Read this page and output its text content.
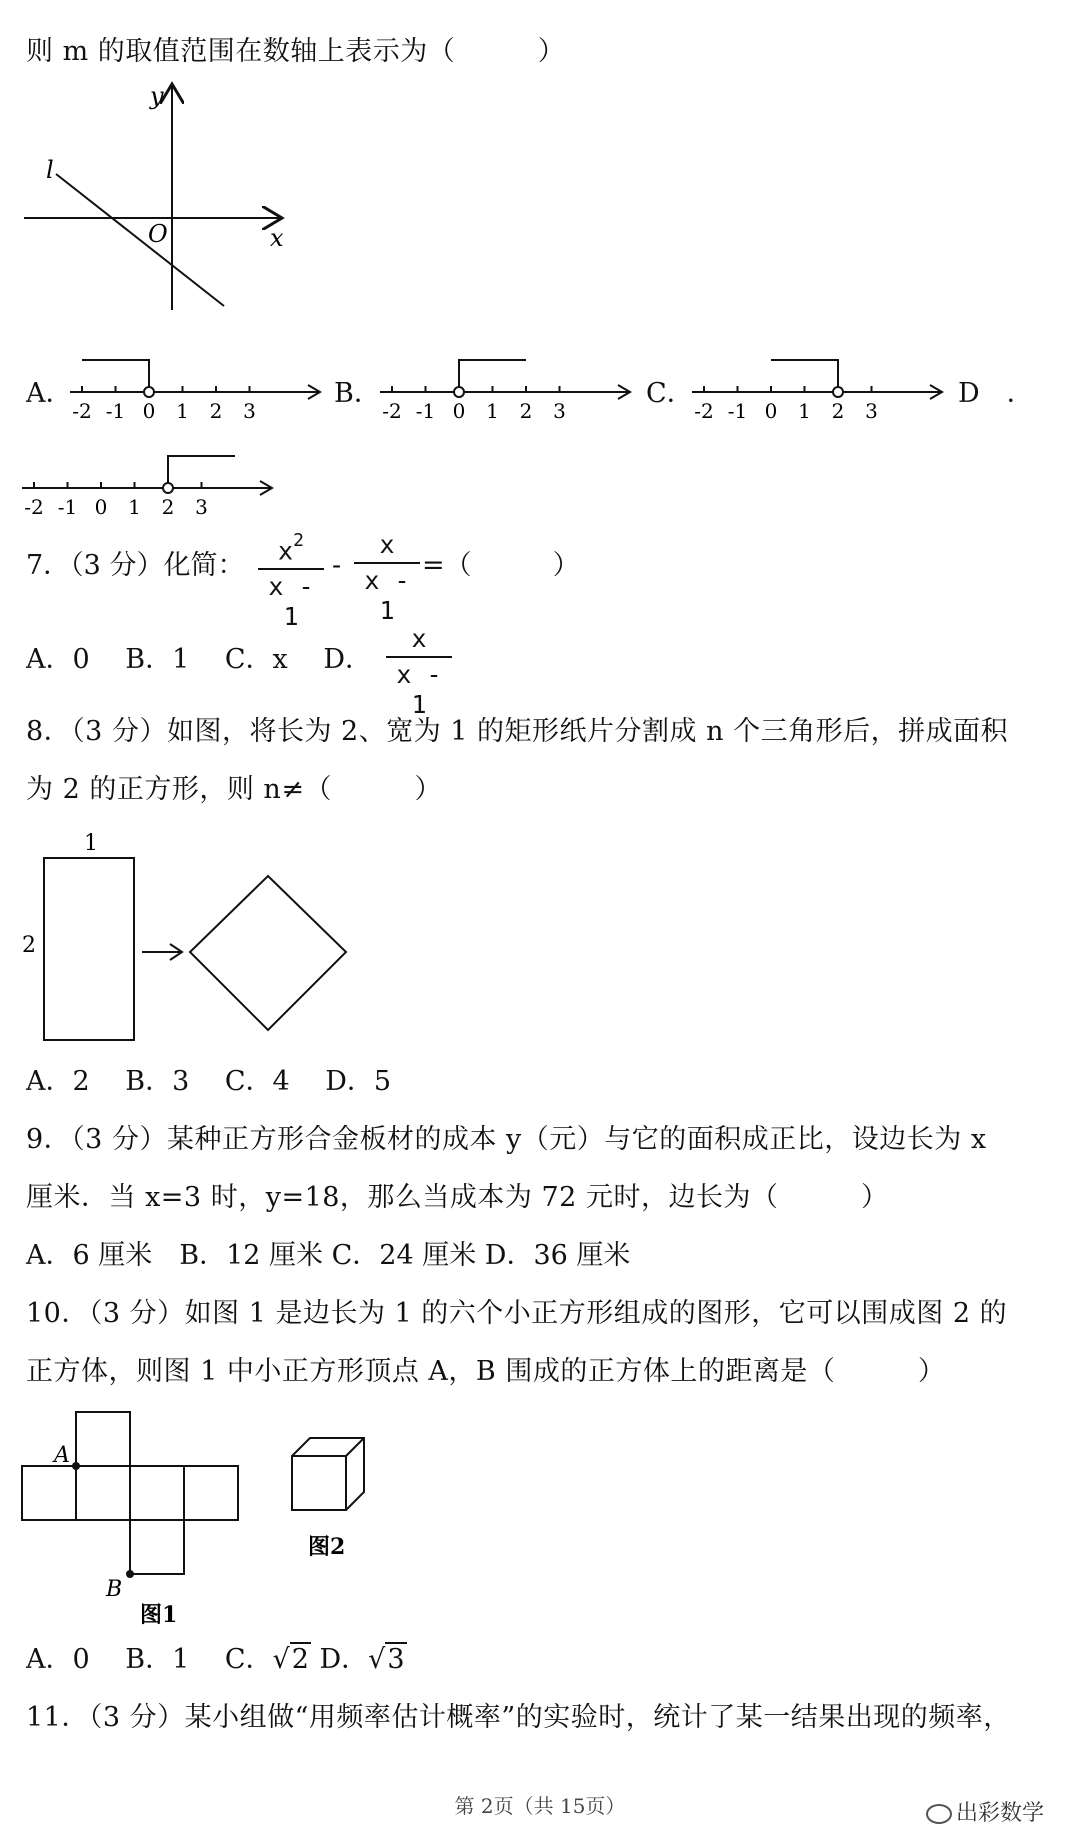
则 m 的取值范围在数轴上表示为（　　　）
y
x
O
l
A．	B．	C．	D　．
-2 -1 0 1 2 3	-2 -1 0 1 2 3	-2 -1 0 1 2 3
-2 -1 0 1 2 3
7．（3 分）化简：	$x^2$
x - 1
-
x
x - 1
=（　　　）
A．0　 B．1　 C．x　 D．
x
x - 1
8．（3 分）如图，将长为 2、宽为 1 的矩形纸片分割成 n 个三角形后，拼成面积
为 2 的正方形，则 n≠（　　　）
1
2
A．2　 B．3　 C．4　 D．5
9．（3 分）某种正方形合金板材的成本 y（元）与它的面积成正比，设边长为 x
厘米．当 x=3 时，y=18，那么当成本为 72 元时，边长为（　　　）
A．6 厘米　B．12 厘米 C．24 厘米 D．36 厘米
10．（3 分）如图 1 是边长为 1 的六个小正方形组成的图形，它可以围成图 2 的
正方体，则图 1 中小正方形顶点 A，B 围成的正方体上的距离是（　　　）
A
B
图1
图2
A．0　 B．1　 C．√2 D．√3
11．（3 分）某小组做“用频率估计概率”的实验时，统计了某一结果出现的频率，
第 2页（共 15页）	出彩数学
